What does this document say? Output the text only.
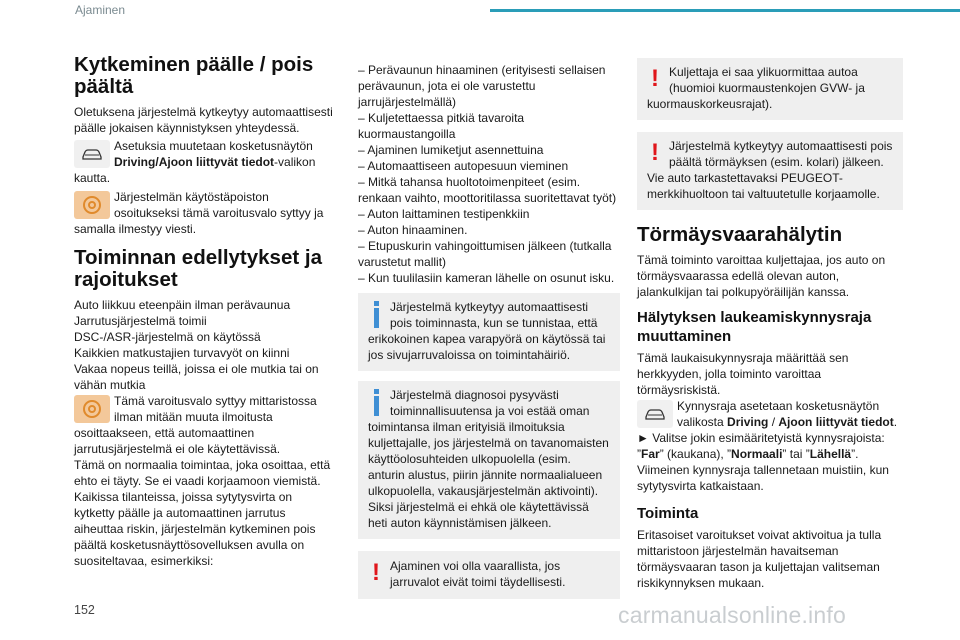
Ajaminen
Kytkeminen päälle / pois päältä

Oletuksena järjestelmä kytkeytyy automaattisesti päälle jokaisen käynnistyksen yhteydessä.

Asetuksia muutetaan kosketusnäytön Driving/Ajoon liittyvät tiedot-valikon kautta.
Järjestelmän käytöstäpoiston osoitukseksi tämä varoitusvalo syttyy ja samalla ilmestyy viesti.
Toiminnan edellytykset ja rajoitukset

Auto liikkuu eteenpäin ilman perävaunua

Jarrutusjärjestelmä toimii

DSC-/ASR-järjestelmä on käytössä

Kaikkien matkustajien turvavyöt on kiinni

Vakaa nopeus teillä, joissa ei ole mutkia tai on vähän mutkia

Tämä varoitusvalo syttyy mittaristossa ilman mitään muuta ilmoitusta osoittaakseen, että automaattinen jarrutusjärjestelmä ei ole käytettävissä.

Tämä on normaalia toimintaa, joka osoittaa, että ehto ei täyty. Se ei vaadi korjaamoon viemistä.

Kaikissa tilanteissa, joissa sytytysvirta on kytketty päälle ja automaattinen jarrutus aiheuttaa riskin, järjestelmän kytkeminen pois päältä kosketusnäyttösovelluksen avulla on suositeltavaa, esimerkiksi:

– Perävaunun hinaaminen (erityisesti sellaisen perävaunun, jota ei ole varustettu jarrujärjestelmällä)

– Kuljetettaessa pitkiä tavaroita kuormaustangoilla

– Ajaminen lumiketjut asennettuina

– Automaattiseen autopesuun vieminen

– Mitkä tahansa huoltotoimenpiteet (esim. renkaan vaihto, moottoritilassa suoritettavat työt)

– Auton laittaminen testipenkkiin

– Auton hinaaminen.

– Etupuskurin vahingoittumisen jälkeen (tutkalla varustetut mallit)

– Kun tuulilasiin kameran lähelle on osunut isku.

Järjestelmä kytkeytyy automaattisesti pois toiminnasta, kun se tunnistaa, että erikokoinen kapea varapyörä on käytössä tai jos sivujarruvaloissa on toimintahäiriö.

Järjestelmä diagnosoi pysyvästi toiminnallisuutensa ja voi estää oman toimintansa ilman erityisiä ilmoituksia kuljettajalle, jos järjestelmä on tavanomaisten käyttöolosuhteiden ulkopuolella (esim. anturin alustus, piirin jännite normaalialueen ulkopuolella, vakausjärjestelmän aktivointi). Siksi järjestelmä ei ehkä ole käytettävissä heti auton käynnistämisen jälkeen.

! Ajaminen voi olla vaarallista, jos jarruvalot eivät toimi täydellisesti.

! Kuljettaja ei saa ylikuormittaa autoa (huomioi kuormaustenkojen GVW- ja kuormauskorkeusrajat).

! Järjestelmä kytkeytyy automaattisesti pois päältä törmäyksen (esim. kolari) jälkeen.

Vie auto tarkastettavaksi PEUGEOT-merkkihuoltoon tai valtuutetulle korjaamolle.

Törmäysvaarahälytin

Tämä toiminto varoittaa kuljettajaa, jos auto on törmäysvaarassa edellä olevan auton, jalankulkijan tai polkupyöräilijän kanssa.

Hälytyksen laukeamiskynnysraja muuttaminen

Tämä laukaisukynnysraja määrittää sen herkkyyden, jolla toiminto varoittaa törmäysriskistä.

Kynnysraja asetetaan kosketusnäytön valikosta Driving / Ajoon liittyvät tiedot.

► Valitse jokin esimääritetyistä kynnysrajoista: ”Far” (kaukana), ”Normaali” tai ”Lähellä”.

Viimeinen kynnysraja tallennetaan muistiin, kun sytytysvirta katkaistaan.

Toiminta

Eritasoiset varoitukset voivat aktivoitua ja tulla mittaristoon järjestelmän havaitseman törmäysvaaran tason ja kuljettajan valitseman riskikynnyksen mukaan.

152	carmanualsonline.info
